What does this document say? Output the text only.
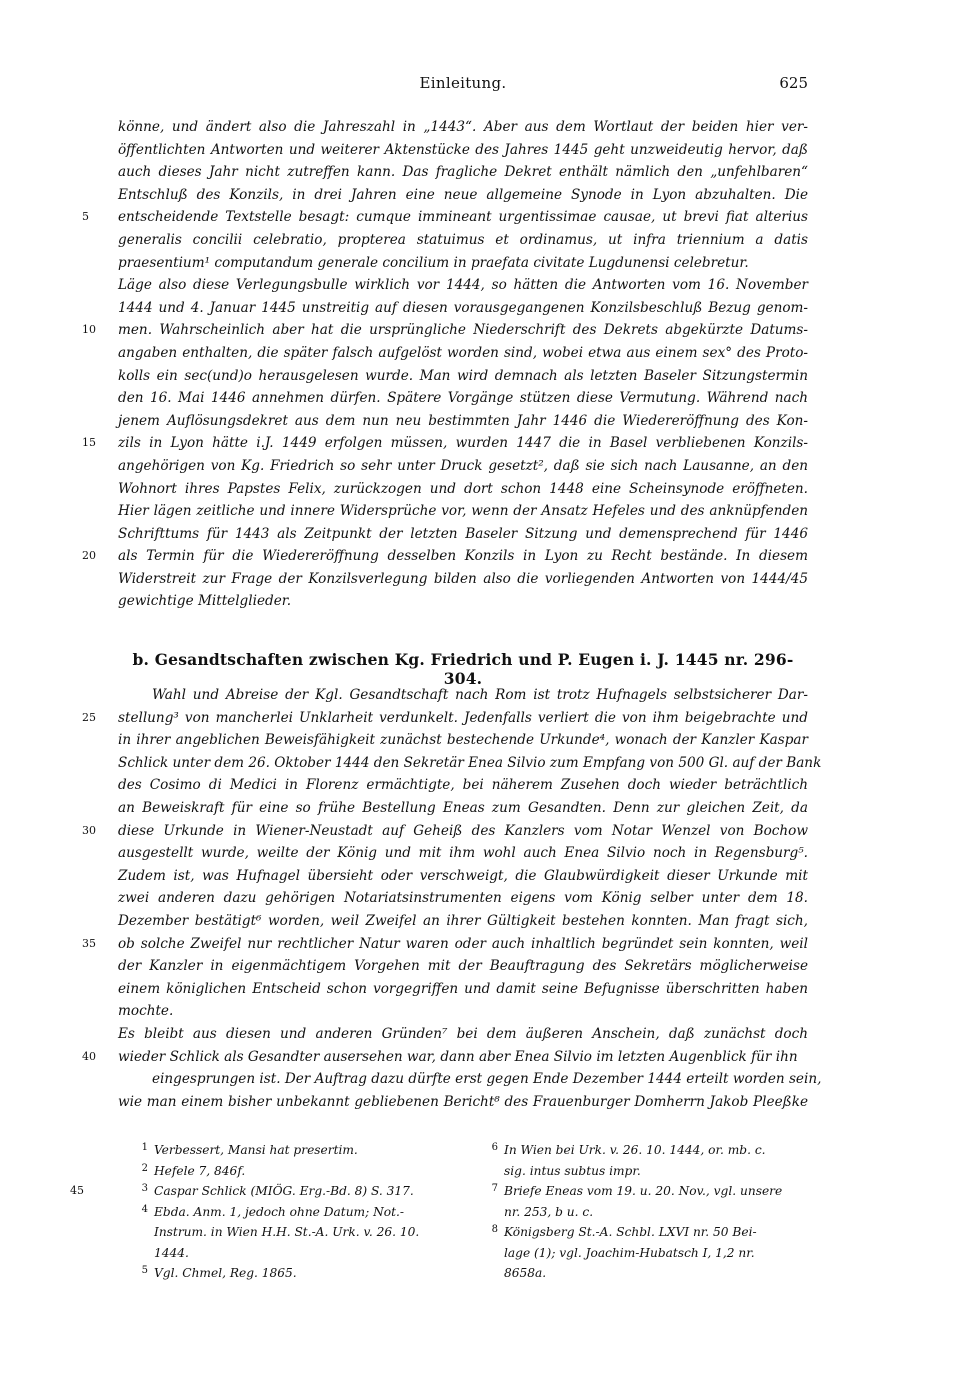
Einleitung.	625
könne, und ändert also die Jahreszahl in „1443“. Aber aus dem Wortlaut der beiden hier ver-
öffentlichten Antworten und weiterer Aktenstücke des Jahres 1445 geht unzweideutig hervor, daß
auch dieses Jahr nicht zutreffen kann. Das fragliche Dekret enthält nämlich den „unfehlbaren“
Entschluß des Konzils, in drei Jahren eine neue allgemeine Synode in Lyon abzuhalten. Die
5	entscheidende Textstelle besagt: cumque immineant urgentissimae causae, ut brevi fiat alterius
generalis concilii celebratio, propterea statuimus et ordinamus, ut infra triennium a datis
praesentium¹ computandum generale concilium in praefata civitate Lugdunensi celebretur.
Läge also diese Verlegungsbulle wirklich vor 1444, so hätten die Antworten vom 16. November
1444 und 4. Januar 1445 unstreitig auf diesen vorausgegangenen Konzilsbeschluß Bezug genom-
10	men. Wahrscheinlich aber hat die ursprüngliche Niederschrift des Dekrets abgekürzte Datums-
angaben enthalten, die später falsch aufgelöst worden sind, wobei etwa aus einem sex° des Proto-
kolls ein sec(und)o herausgelesen wurde. Man wird demnach als letzten Baseler Sitzungstermin
den 16. Mai 1446 annehmen dürfen. Spätere Vorgänge stützen diese Vermutung. Während nach
jenem Auflösungsdekret aus dem nun neu bestimmten Jahr 1446 die Wiedereröffnung des Kon-
15	zils in Lyon hätte i.J. 1449 erfolgen müssen, wurden 1447 die in Basel verbliebenen Konzils-
angehörigen von Kg. Friedrich so sehr unter Druck gesetzt², daß sie sich nach Lausanne, an den
Wohnort ihres Papstes Felix, zurückzogen und dort schon 1448 eine Scheinsynode eröffneten.
Hier lägen zeitliche und innere Widersprüche vor, wenn der Ansatz Hefeles und des anknüpfenden
Schrifttums für 1443 als Zeitpunkt der letzten Baseler Sitzung und demensprechend für 1446
20	als Termin für die Wiedereröffnung desselben Konzils in Lyon zu Recht bestände. In diesem
Widerstreit zur Frage der Konzilsverlegung bilden also die vorliegenden Antworten von 1444/45
gewichtige Mittelglieder.
b. Gesandtschaften zwischen Kg. Friedrich und P. Eugen i. J. 1445 nr. 296-304.
Wahl und Abreise der Kgl. Gesandtschaft nach Rom ist trotz Hufnagels selbstsicherer Dar-
25	stellung³ von mancherlei Unklarheit verdunkelt. Jedenfalls verliert die von ihm beigebrachte und
in ihrer angeblichen Beweisfähigkeit zunächst bestechende Urkunde⁴, wonach der Kanzler Kaspar
Schlick unter dem 26. Oktober 1444 den Sekretär Enea Silvio zum Empfang von 500 Gl. auf der Bank
des Cosimo di Medici in Florenz ermächtigte, bei näherem Zusehen doch wieder beträchtlich
an Beweiskraft für eine so frühe Bestellung Eneas zum Gesandten. Denn zur gleichen Zeit, da
30	diese Urkunde in Wiener-Neustadt auf Geheiß des Kanzlers vom Notar Wenzel von Bochow
ausgestellt wurde, weilte der König und mit ihm wohl auch Enea Silvio noch in Regensburg⁵.
Zudem ist, was Hufnagel übersieht oder verschweigt, die Glaubwürdigkeit dieser Urkunde mit
zwei anderen dazu gehörigen Notariatsinstrumenten eigens vom König selber unter dem 18.
Dezember bestätigt⁶ worden, weil Zweifel an ihrer Gültigkeit bestehen konnten. Man fragt sich,
35	ob solche Zweifel nur rechtlicher Natur waren oder auch inhaltlich begründet sein konnten, weil
der Kanzler in eigenmächtigem Vorgehen mit der Beauftragung des Sekretärs möglicherweise
einem königlichen Entscheid schon vorgegriffen und damit seine Befugnisse überschritten haben
mochte.
Es bleibt aus diesen und anderen Gründen⁷ bei dem äußeren Anschein, daß zunächst doch
40	wieder Schlick als Gesandter ausersehen war, dann aber Enea Silvio im letzten Augenblick für ihn
eingesprungen ist. Der Auftrag dazu dürfte erst gegen Ende Dezember 1444 erteilt worden sein,
wie man einem bisher unbekannt gebliebenen Bericht⁸ des Frauenburger Domherrn Jakob Pleeßke
1 Verbessert, Mansi hat presertim.
2 Hefele 7, 846f.
45	3 Caspar Schlick (MIÖG. Erg.-Bd. 8) S. 317.
4 Ebda. Anm. 1, jedoch ohne Datum; Not.-
Instrum. in Wien H.H. St.-A. Urk. v. 26. 10.
1444.
5 Vgl. Chmel, Reg. 1865.
6 In Wien bei Urk. v. 26. 10. 1444, or. mb. c.
sig. intus subtus impr.
7 Briefe Eneas vom 19. u. 20. Nov., vgl. unsere
nr. 253, b u. c.
8 Königsberg St.-A. Schbl. LXVI nr. 50 Bei-
lage (1); vgl. Joachim-Hubatsch I, 1,2 nr.
8658a.
